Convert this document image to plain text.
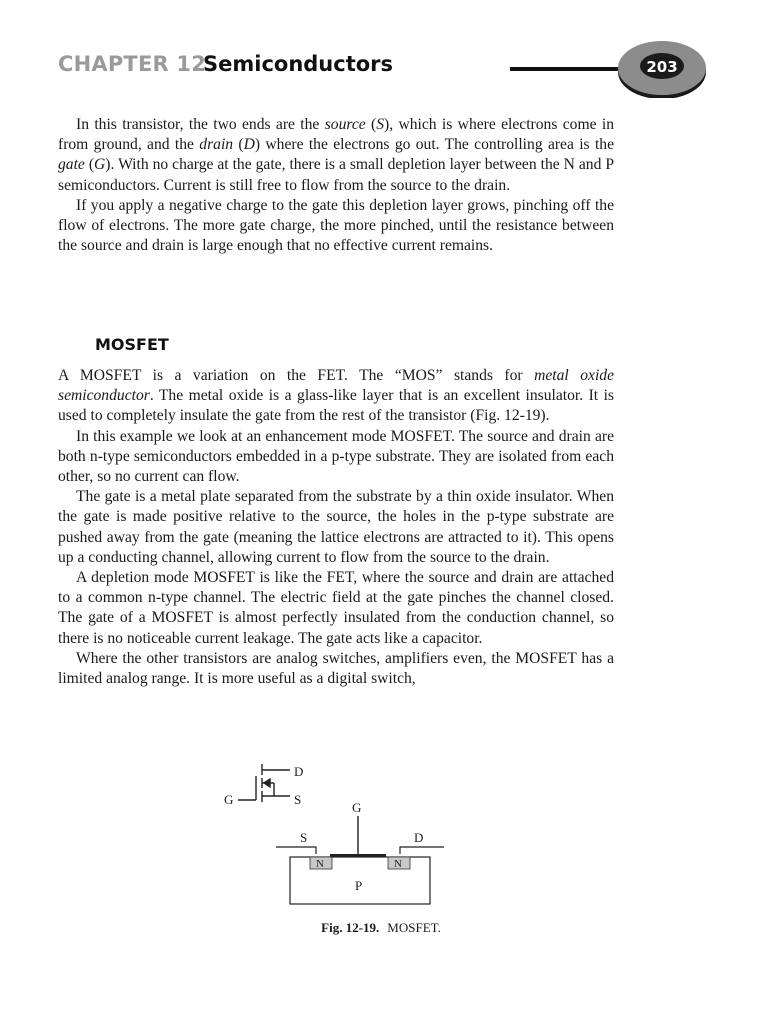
CHAPTER 12
Semiconductors	203

In this transistor, the two ends are the source (S), which is where electrons come in from ground, and the drain (D) where the electrons go out. The controlling area is the gate (G). With no charge at the gate, there is a small depletion layer between the N and P semiconductors. Current is still free to flow from the source to the drain.

If you apply a negative charge to the gate this depletion layer grows, pinching off the flow of electrons. The more gate charge, the more pinched, until the resistance between the source and drain is large enough that no effective current remains.

MOSFET

A MOSFET is a variation on the FET. The “MOS” stands for metal oxide semiconductor. The metal oxide is a glass-like layer that is an excellent insulator. It is used to completely insulate the gate from the rest of the transistor (Fig. 12-19).

In this example we look at an enhancement mode MOSFET. The source and drain are both n-type semiconductors embedded in a p-type substrate. They are isolated from each other, so no current can flow.

The gate is a metal plate separated from the substrate by a thin oxide insulator. When the gate is made positive relative to the source, the holes in the p-type substrate are pushed away from the gate (meaning the lattice electrons are attracted to it). This opens up a conducting channel, allowing current to flow from the source to the drain.

A depletion mode MOSFET is like the FET, where the source and drain are attached to a common n-type channel. The electric field at the gate pinches the channel closed. The gate of a MOSFET is almost perfectly insulated from the conduction channel, so there is no noticeable current leakage. The gate acts like a capacitor.

Where the other transistors are analog switches, amplifiers even, the MOSFET has a limited analog range. It is more useful as a digital switch,

D
G	S
G
S	D
N	N
P
Fig. 12-19. MOSFET.
